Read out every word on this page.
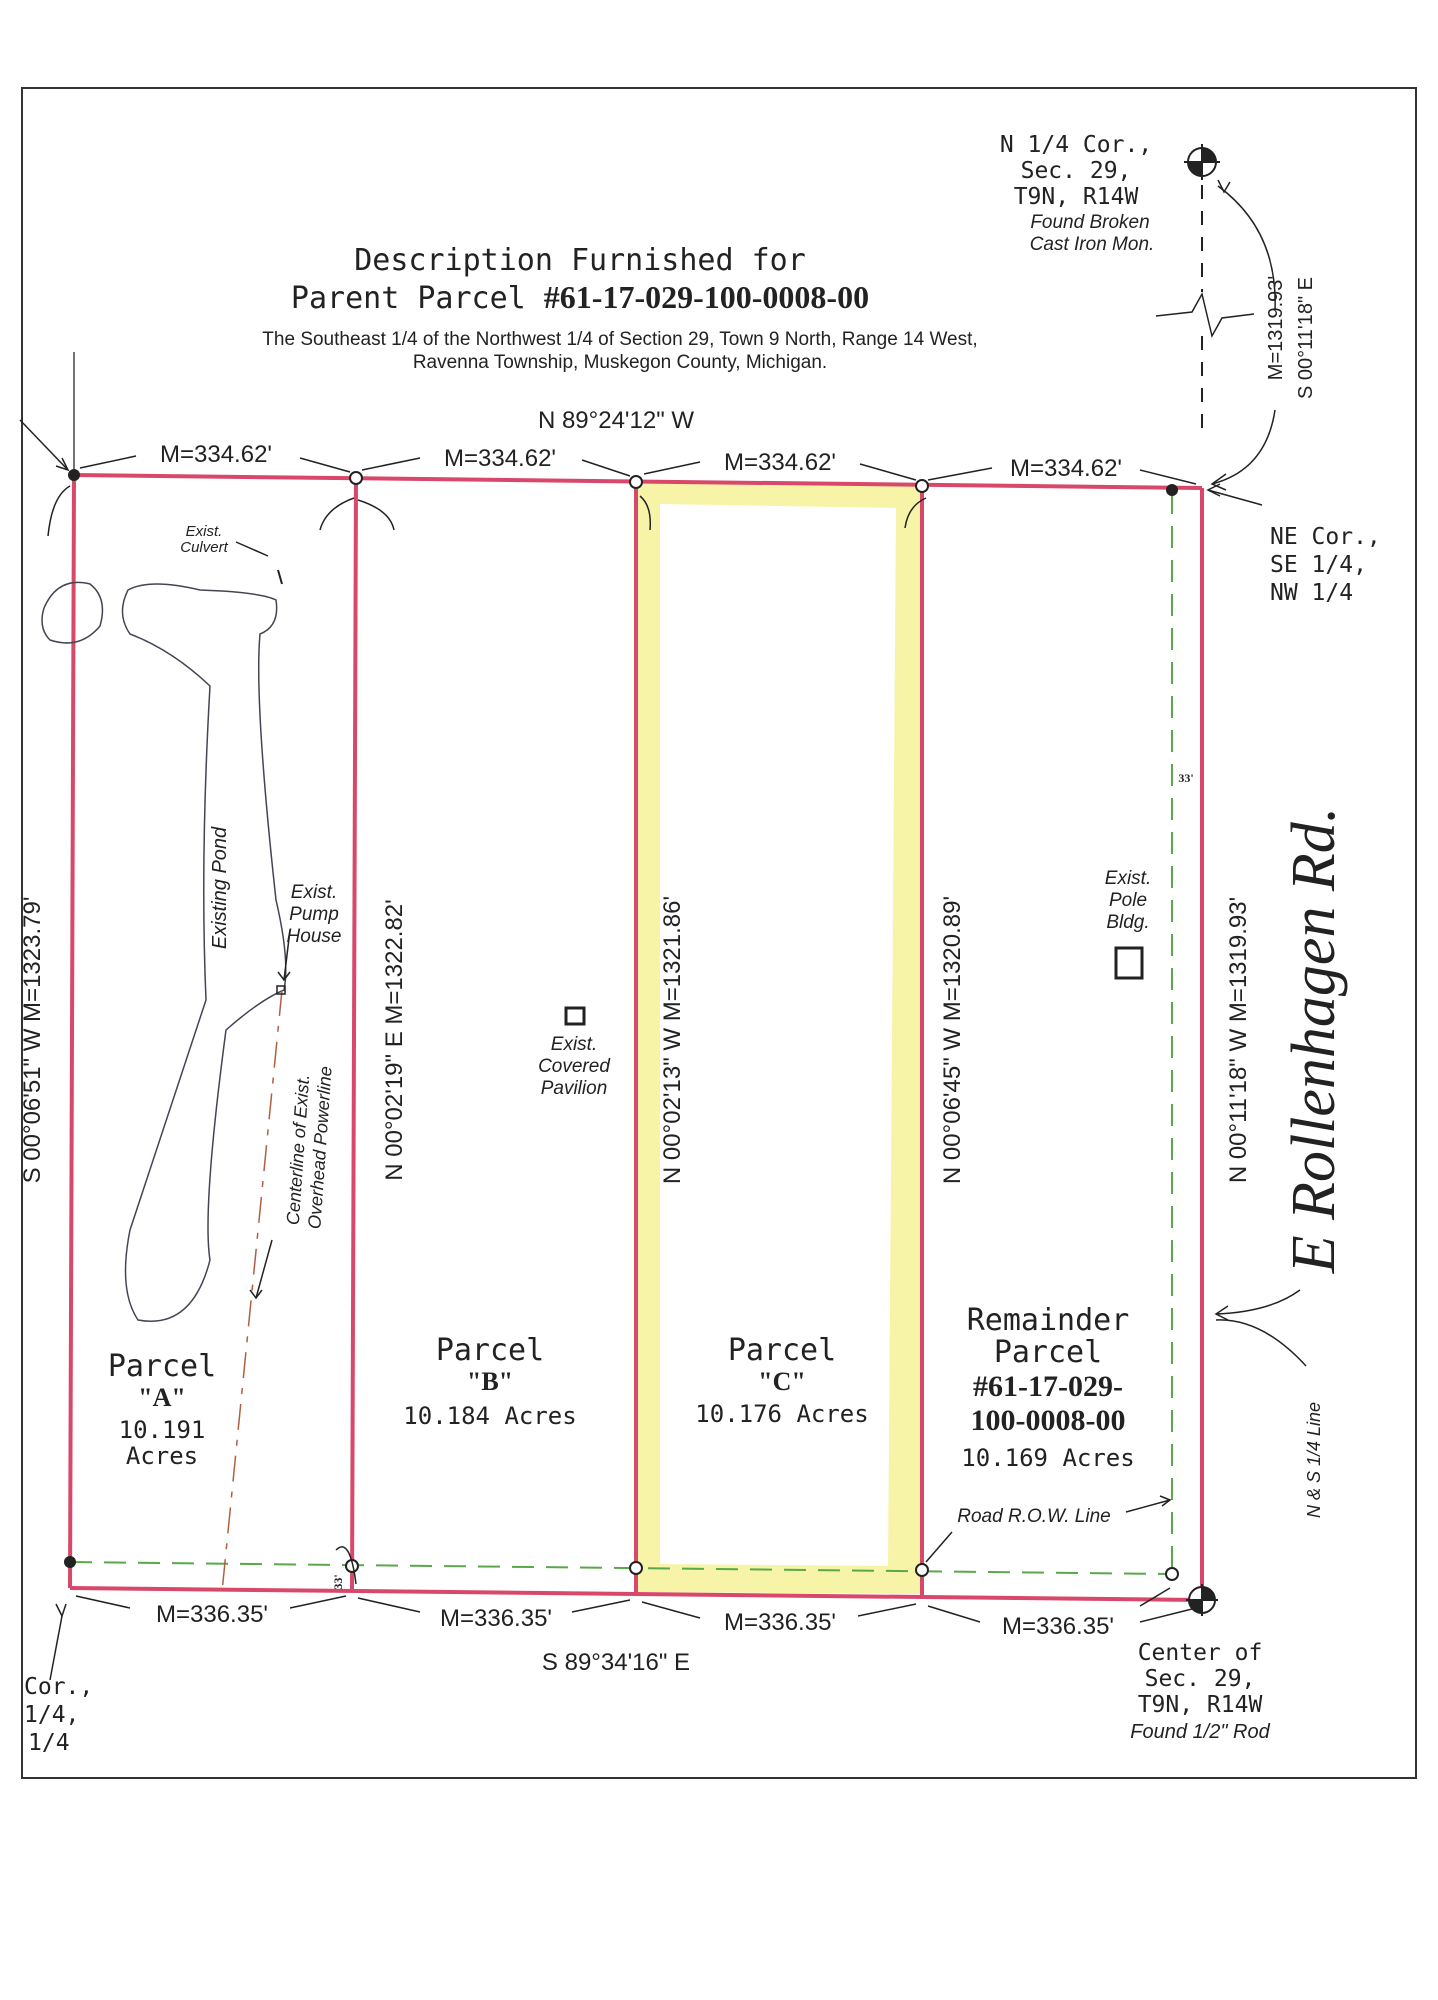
Description Furnished for
Parent Parcel #61-17-029-100-0008-00
The Southeast 1/4 of the Northwest 1/4 of Section 29, Town 9 North, Range 14 West,
Ravenna Township, Muskegon County, Michigan.
N 89°24'12" W
S 89°34'16" E
M=334.62'	M=334.62'	M=334.62'	M=334.62'
M=336.35'	M=336.35'	M=336.35'	M=336.35'
S 00°06'51" W M=1323.79'	N 00°02'19" E M=1322.82'	N 00°02'13" W M=1321.86'	N 00°06'45" W M=1320.89'	N 00°11'18" W M=1319.93'
M=1319.93' S 00°11'18" E
N 1/4 Cor.,
Sec. 29,
T9N, R14W
Found Broken
Cast Iron Mon.
NE Cor.,
SE 1/4,
NW 1/4
Cor.,
1/4,
1/4
Center of
Sec. 29,
T9N, R14W
Found 1/2" Rod
Parcel
"A"
10.191
Acres
Parcel
"B"
10.184 Acres
Parcel
"C"
10.176 Acres
Remainder
Parcel
#61-17-029-
100-0008-00
10.169 Acres
Exist.
Culvert
Existing Pond	Exist.
Pump
House
Centerline of Exist.
Overhead Powerline
Exist.
Covered
Pavilion
Exist.
Pole
Bldg.
Road R.O.W. Line	N & S 1/4 Line
E Rollenhagen Rd.
33'
33'
